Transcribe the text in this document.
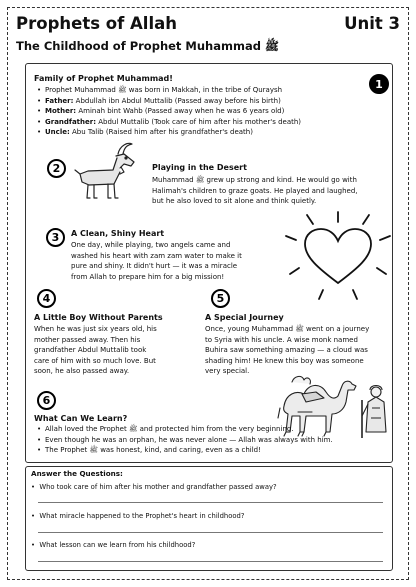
Prophets of Allah	Unit 3
The Childhood of Prophet Muhammad ﷺ
Family of Prophet Muhammad!	1
• Prophet Muhammad ﷺ was born in Makkah, in the tribe of Quraysh
• Father: Abdullah ibn Abdul Muttalib (Passed away before his birth)
• Mother: Aminah bint Wahb (Passed away when he was 6 years old)
• Grandfather: Abdul Muttalib (Took care of him after his mother's death)
• Uncle: Abu Talib (Raised him after his grandfather's death)
2	Playing in the Desert
Muhammad ﷺ grew up strong and kind. He would go with
Halimah's children to graze goats. He played and laughed,
but he also loved to sit alone and think quietly.
3	A Clean, Shiny Heart
One day, while playing, two angels came and
washed his heart with zam zam water to make it
pure and shiny. It didn't hurt — it was a miracle
from Allah to prepare him for a big mission!
4
A Little Boy Without Parents
When he was just six years old, his
mother passed away. Then his
grandfather Abdul Muttalib took
care of him with so much love. But
soon, he also passed away.
5
A Special Journey
Once, young Muhammad ﷺ went on a journey
to Syria with his uncle. A wise monk named
Buhira saw something amazing — a cloud was
shading him! He knew this boy was someone
very special.
6
What Can We Learn?
• Allah loved the Prophet ﷺ and protected him from the very beginning.
• Even though he was an orphan, he was never alone — Allah was always with him.
• The Prophet ﷺ was honest, kind, and caring, even as a child!
Answer the Questions:
•  Who took care of him after his mother and grandfather passed away?
•  What miracle happened to the Prophet's heart in childhood?
•  What lesson can we learn from his childhood?
